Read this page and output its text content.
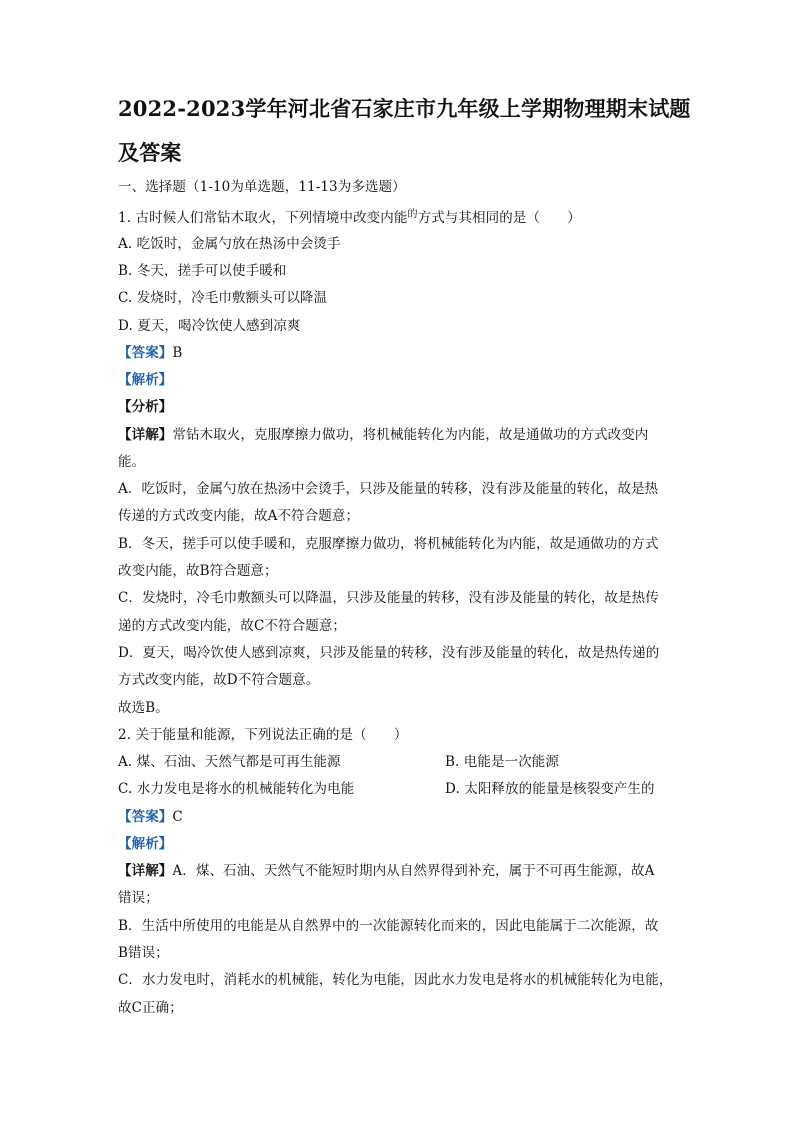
2022-2023学年河北省石家庄市九年级上学期物理期末试题
及答案
一、选择题（1-10为单选题，11-13为多选题）
1. 古时候人们常钻木取火，下列情境中改变内能$^的$方式与其相同的是（　　）
A. 吃饭时，金属勺放在热汤中会烫手
B. 冬天，搓手可以使手暖和
C. 发烧时，冷毛巾敷额头可以降温
D. 夏天，喝冷饮使人感到凉爽
【答案】B
【解析】
【分析】
【详解】常钻木取火，克服摩擦力做功，将机械能转化为内能，故是通做功的方式改变内
能。
A．吃饭时，金属勺放在热汤中会烫手，只涉及能量的转移，没有涉及能量的转化，故是热
传递的方式改变内能，故A不符合题意；
B．冬天，搓手可以使手暖和，克服摩擦力做功，将机械能转化为内能，故是通做功的方式
改变内能，故B符合题意；
C．发烧时，冷毛巾敷额头可以降温，只涉及能量的转移，没有涉及能量的转化，故是热传
递的方式改变内能，故C不符合题意；
D．夏天，喝冷饮使人感到凉爽，只涉及能量的转移，没有涉及能量的转化，故是热传递的
方式改变内能，故D不符合题意。
故选B。
2. 关于能量和能源，下列说法正确的是（　　）
A. 煤、石油、天然气都是可再生能源	B. 电能是一次能源
C. 水力发电是将水的机械能转化为电能	D. 太阳释放的能量是核裂变产生的
【答案】C
【解析】
【详解】A．煤、石油、天然气不能短时期内从自然界得到补充，属于不可再生能源，故A
错误；
B．生活中所使用的电能是从自然界中的一次能源转化而来的，因此电能属于二次能源，故
B错误；
C．水力发电时，消耗水的机械能，转化为电能，因此水力发电是将水的机械能转化为电能，
故C正确；
